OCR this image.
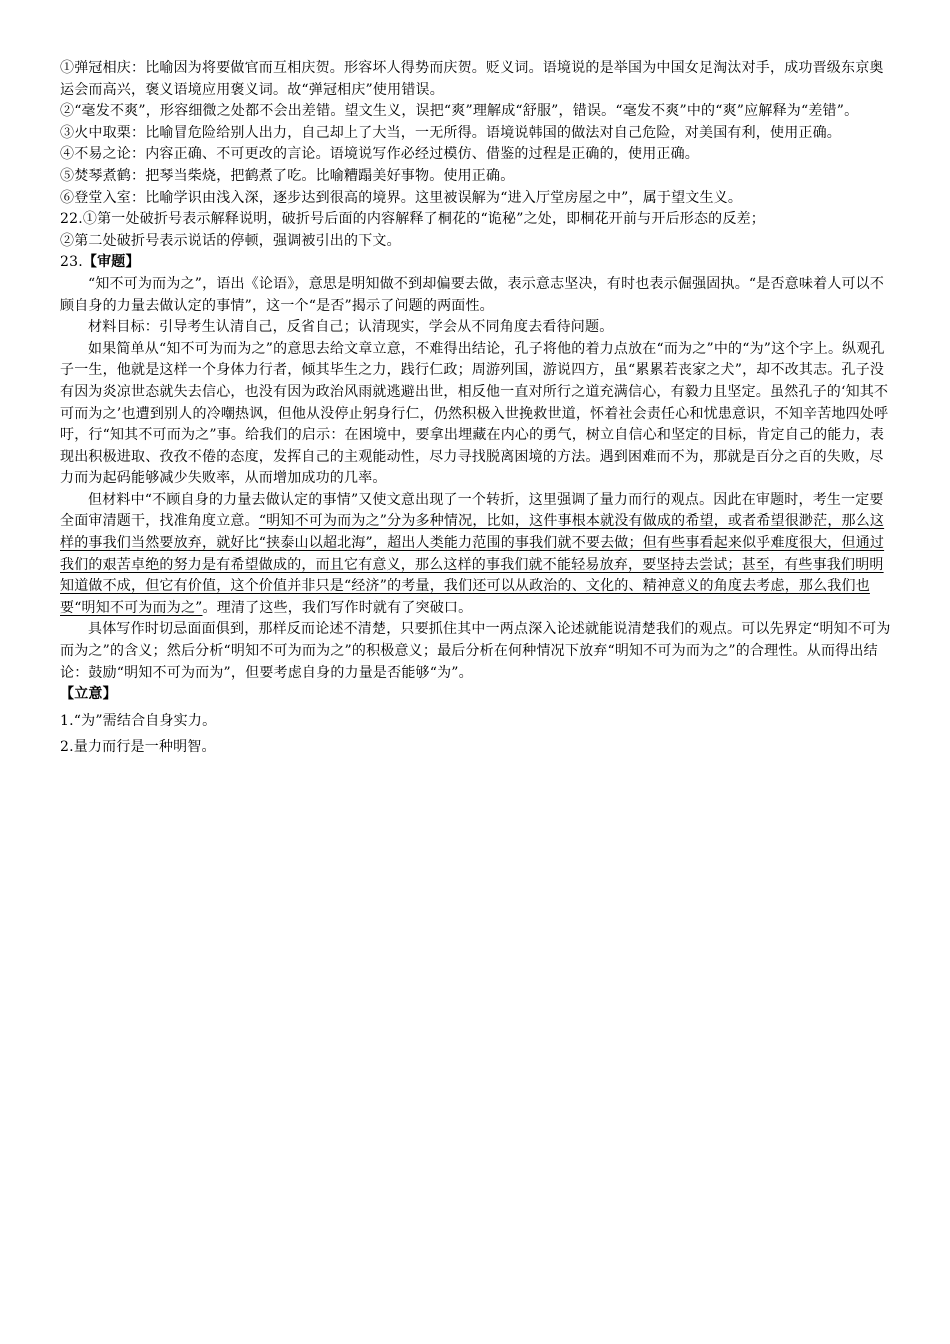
①弹冠相庆：比喻因为将要做官而互相庆贺。形容坏人得势而庆贺。贬义词。语境说的是举国为中国女足淘汰对手，成功晋级东京奥运会而高兴，褒义语境应用褒义词。故“弹冠相庆”使用错误。

②“毫发不爽”，形容细微之处都不会出差错。望文生义，误把“爽”理解成“舒服”，错误。“毫发不爽”中的“爽”应解释为“差错”。

③火中取栗：比喻冒危险给别人出力，自己却上了大当，一无所得。语境说韩国的做法对自己危险，对美国有利，使用正确。

④不易之论：内容正确、不可更改的言论。语境说写作必经过模仿、借鉴的过程是正确的，使用正确。

⑤焚琴煮鹤：把琴当柴烧，把鹤煮了吃。比喻糟蹋美好事物。使用正确。

⑥登堂入室：比喻学识由浅入深，逐步达到很高的境界。这里被误解为“进入厅堂房屋之中”，属于望文生义。

22.①第一处破折号表示解释说明，破折号后面的内容解释了桐花的“诡秘”之处，即桐花开前与开后形态的反差；

②第二处破折号表示说话的停顿，强调被引出的下文。

23.【审题】

“知不可为而为之”，语出《论语》，意思是明知做不到却偏要去做，表示意志坚决，有时也表示倔强固执。“是否意味着人可以不顾自身的力量去做认定的事情”，这一个“是否”揭示了问题的两面性。

材料目标：引导考生认清自己，反省自己；认清现实，学会从不同角度去看待问题。

如果简单从“知不可为而为之”的意思去给文章立意，不难得出结论，孔子将他的着力点放在“而为之”中的“为”这个字上。纵观孔子一生，他就是这样一个身体力行者，倾其毕生之力，践行仁政；周游列国，游说四方，虽“累累若丧家之犬”，却不改其志。孔子没有因为炎凉世态就失去信心，也没有因为政治风雨就逃避出世，相反他一直对所行之道充满信心，有毅力且坚定。虽然孔子的‘知其不可而为之’也遭到别人的冷嘲热讽，但他从没停止躬身行仁，仍然积极入世挽救世道，怀着社会责任心和忧患意识，不知辛苦地四处呼吁，行“知其不可而为之”事。给我们的启示：在困境中，要拿出埋藏在内心的勇气，树立自信心和坚定的目标，肯定自己的能力，表现出积极进取、孜孜不倦的态度，发挥自己的主观能动性，尽力寻找脱离困境的方法。遇到困难而不为，那就是百分之百的失败，尽力而为起码能够减少失败率，从而增加成功的几率。

但材料中“不顾自身的力量去做认定的事情”又使文意出现了一个转折，这里强调了量力而行的观点。因此在审题时，考生一定要全面审清题干，找准角度立意。“明知不可为而为之”分为多种情况，比如，这件事根本就没有做成的希望，或者希望很渺茫，那么这样的事我们当然要放弃，就好比“挟泰山以超北海”，超出人类能力范围的事我们就不要去做；但有些事看起来似乎难度很大，但通过我们的艰苦卓绝的努力是有希望做成的，而且它有意义，那么这样的事我们就不能轻易放弃，要坚持去尝试；甚至，有些事我们明明知道做不成，但它有价值，这个价值并非只是“经济”的考量，我们还可以从政治的、文化的、精神意义的角度去考虑，那么我们也要“明知不可为而为之”。理清了这些，我们写作时就有了突破口。

具体写作时切忌面面俱到，那样反而论述不清楚，只要抓住其中一两点深入论述就能说清楚我们的观点。可以先界定“明知不可为而为之”的含义；然后分析“明知不可为而为之”的积极意义；最后分析在何种情况下放弃“明知不可为而为之”的合理性。从而得出结论：鼓励“明知不可为而为”，但要考虑自身的力量是否能够“为”。

【立意】

1.“为”需结合自身实力。

2.量力而行是一种明智。
